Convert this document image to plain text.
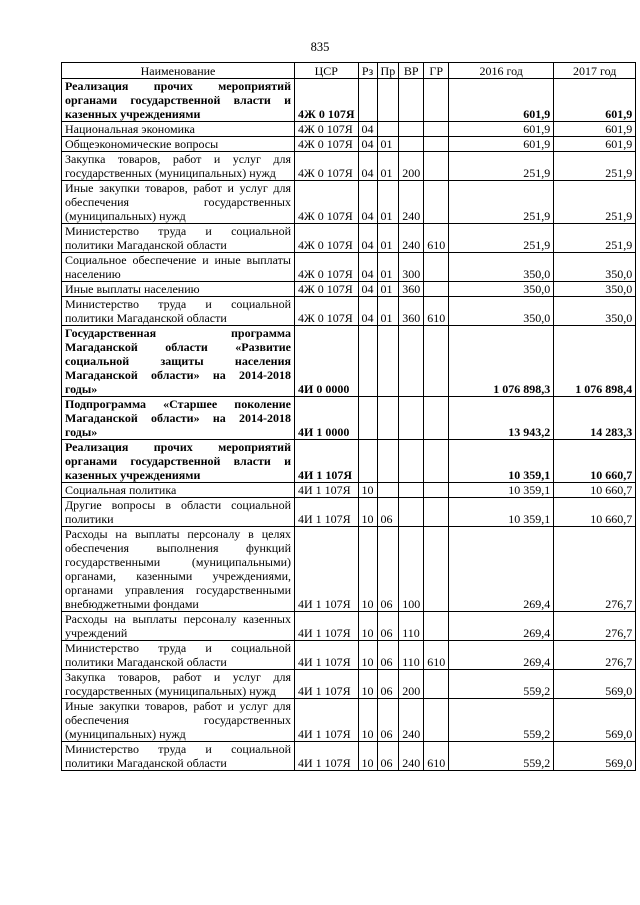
835
Наименование	ЦСР	Рз	Пр	ВР	ГР	2016 год	2017 год
Реализация прочих мероприятий органами государственной власти и казенных учреждениями	4Ж 0 107Я					601,9	601,9
Национальная экономика	4Ж 0 107Я	04				601,9	601,9
Общеэкономические вопросы	4Ж 0 107Я	04	01			601,9	601,9
Закупка товаров, работ и услуг для государственных (муниципальных) нужд	4Ж 0 107Я	04	01	200		251,9	251,9
Иные закупки товаров, работ и услуг для обеспечения государственных (муниципальных) нужд	4Ж 0 107Я	04	01	240		251,9	251,9
Министерство труда и социальной политики Магаданской области	4Ж 0 107Я	04	01	240	610	251,9	251,9
Социальное обеспечение и иные выплаты населению	4Ж 0 107Я	04	01	300		350,0	350,0
Иные выплаты населению	4Ж 0 107Я	04	01	360		350,0	350,0
Министерство труда и социальной политики Магаданской области	4Ж 0 107Я	04	01	360	610	350,0	350,0
Государственная программа Магаданской области «Развитие социальной защиты населения Магаданской области» на 2014-2018 годы»	4И 0 0000					1 076 898,3	1 076 898,4
Подпрограмма «Старшее поколение Магаданской области» на 2014-2018 годы»	4И 1 0000					13 943,2	14 283,3
Реализация прочих мероприятий органами государственной власти и казенных учреждениями	4И 1 107Я					10 359,1	10 660,7
Социальная политика	4И 1 107Я	10				10 359,1	10 660,7
Другие вопросы в области социальной политики	4И 1 107Я	10	06			10 359,1	10 660,7
Расходы на выплаты персоналу в целях обеспечения выполнения функций государственными (муниципальными) органами, казенными учреждениями, органами управления государственными внебюджетными фондами	4И 1 107Я	10	06	100		269,4	276,7
Расходы на выплаты персоналу казенных учреждений	4И 1 107Я	10	06	110		269,4	276,7
Министерство труда и социальной политики Магаданской области	4И 1 107Я	10	06	110	610	269,4	276,7
Закупка товаров, работ и услуг для государственных (муниципальных) нужд	4И 1 107Я	10	06	200		559,2	569,0
Иные закупки товаров, работ и услуг для обеспечения государственных (муниципальных) нужд	4И 1 107Я	10	06	240		559,2	569,0
Министерство труда и социальной политики Магаданской области	4И 1 107Я	10	06	240	610	559,2	569,0
